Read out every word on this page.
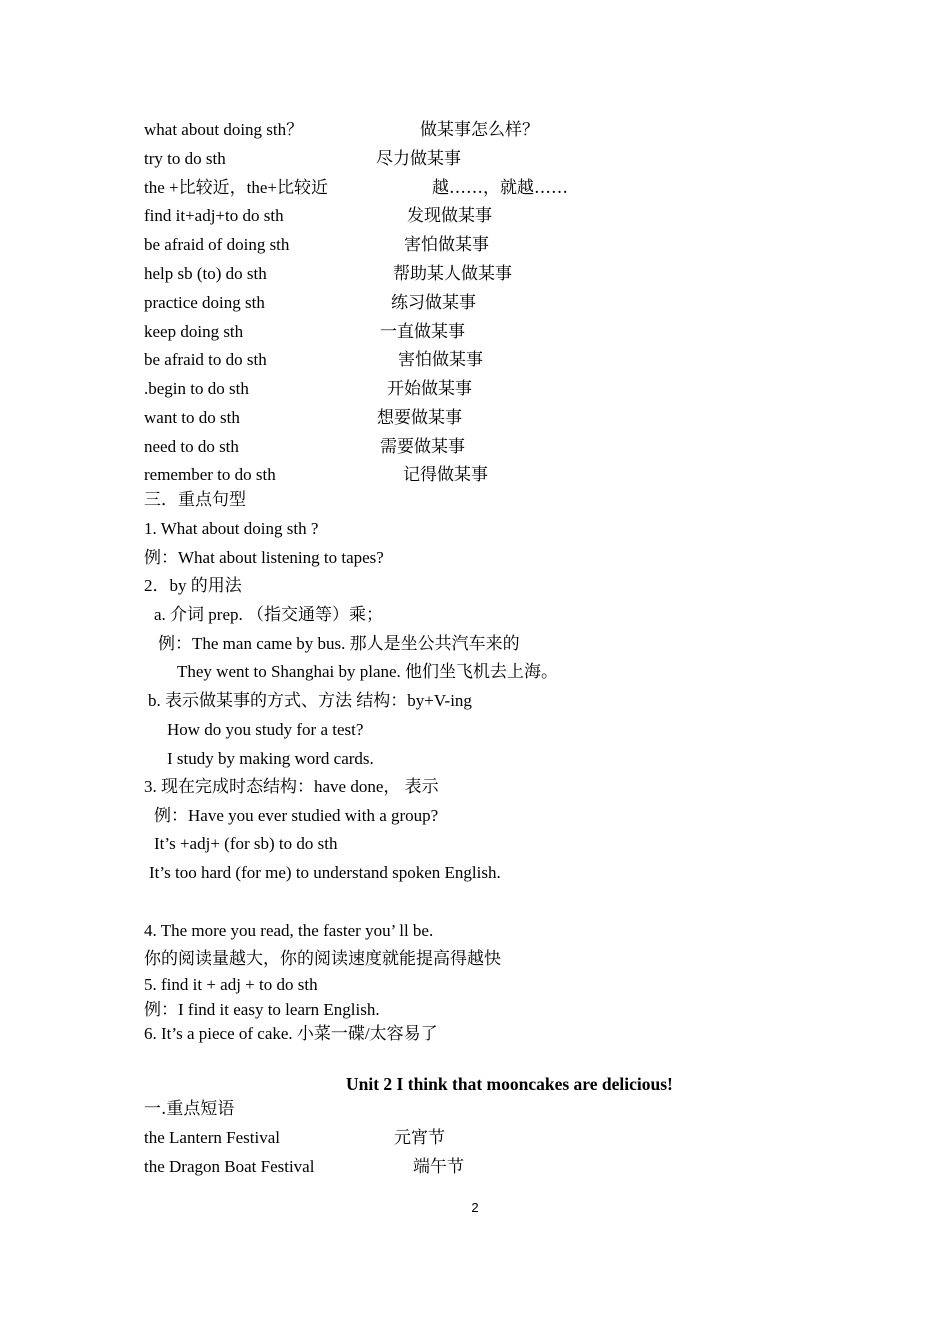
what about doing sth？	做某事怎么样？
try to do sth	尽力做某事
the +比较近，the+比较近	越……，就越……
find it+adj+to do sth	发现做某事
be afraid of doing sth	害怕做某事
help sb (to) do sth	帮助某人做某事
practice doing sth	练习做某事
keep doing sth	一直做某事
be afraid to do sth	害怕做某事
.begin to do sth	开始做某事
want to do sth	想要做某事
need to do sth	需要做某事
remember to do sth	记得做某事
三．重点句型
1. What about doing sth ?
例：What about listening to tapes?
2．by 的用法
a. 介词 prep. （指交通等）乘；
例：The man came by bus. 那人是坐公共汽车来的
They went to Shanghai by plane. 他们坐飞机去上海。
b. 表示做某事的方式、方法 结构：by+V-ing
How do you study for a test?
I study by making word cards.
3. 现在完成时态结构：have done， 表示
例：Have you ever studied with a group?
It’s +adj+ (for sb) to do sth
It’s too hard (for me) to understand spoken English.
4. The more you read, the faster you’ ll be.
你的阅读量越大，你的阅读速度就能提高得越快
5. find it + adj + to do sth
例：I find it easy to learn English.
6. It’s a piece of cake. 小菜一碟/太容易了
Unit 2 I think that mooncakes are delicious!
一.重点短语
the Lantern Festival	元宵节
the Dragon Boat Festival	端午节
2
